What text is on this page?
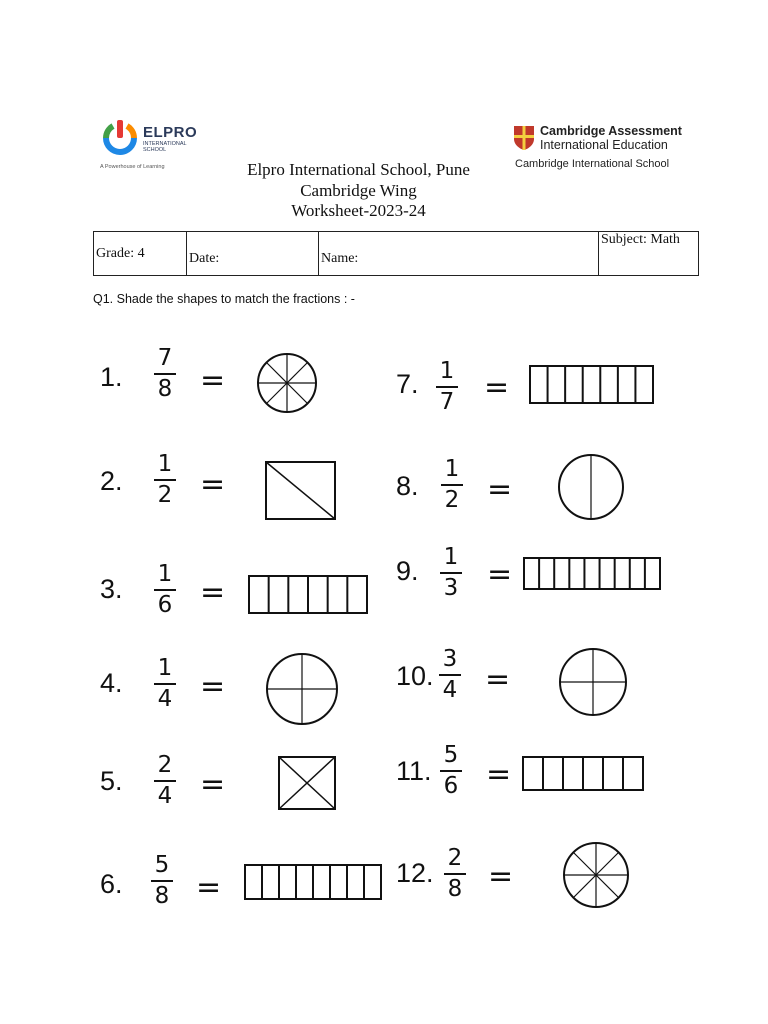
ELPRO
INTERNATIONAL SCHOOL
A Powerhouse of Learning
Cambridge Assessment
International Education
Cambridge International School
Elpro International School, Pune
Cambridge Wing
Worksheet-2023-24
Grade: 4	Date:	Name:	Subject: Math
Q1. Shade the shapes to match the fractions : -
1.
7
8 =
2.
1
2 =
3.	1
6 =
4.	1
4 =
5.
2
4 =
6.
5
8 =
7. 1
7 =
8.
1
2 =
9.	1
3 =
10.
3
4 =
11.
5
6 =
12. 2
8 =
